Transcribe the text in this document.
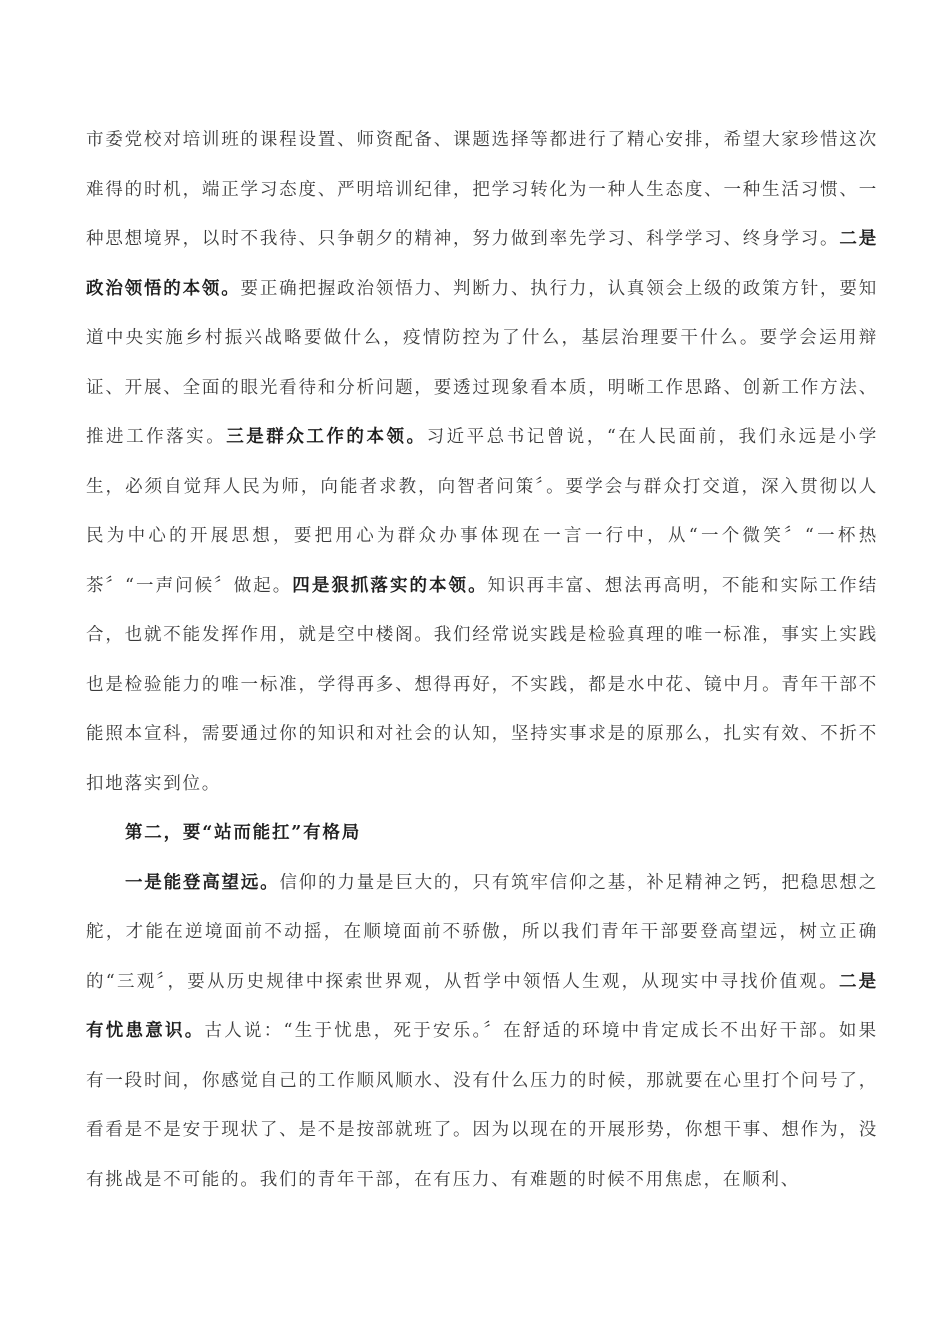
市委党校对培训班的课程设置、师资配备、课题选择等都进行了精心安排，希望大家珍惜这次难得的时机，端正学习态度、严明培训纪律，把学习转化为一种人生态度、一种生活习惯、一种思想境界，以时不我待、只争朝夕的精神，努力做到率先学习、科学学习、终身学习。二是政治领悟的本领。要正确把握政治领悟力、判断力、执行力，认真领会上级的政策方针，要知道中央实施乡村振兴战略要做什么，疫情防控为了什么，基层治理要干什么。要学会运用辩证、开展、全面的眼光看待和分析问题，要透过现象看本质，明晰工作思路、创新工作方法、推进工作落实。三是群众工作的本领。习近平总书记曾说，“在人民面前，我们永远是小学生，必须自觉拜人民为师，向能者求教，向智者问策〞。要学会与群众打交道，深入贯彻以人民为中心的开展思想，要把用心为群众办事体现在一言一行中，从“一个微笑〞“一杯热茶〞“一声问候〞做起。四是狠抓落实的本领。知识再丰富、想法再高明，不能和实际工作结合，也就不能发挥作用，就是空中楼阁。我们经常说实践是检验真理的唯一标准，事实上实践也是检验能力的唯一标准，学得再多、想得再好，不实践，都是水中花、镜中月。青年干部不能照本宣科，需要通过你的知识和对社会的认知，坚持实事求是的原那么，扎实有效、不折不扣地落实到位。

第二，要“站而能扛”有格局

一是能登高望远。信仰的力量是巨大的，只有筑牢信仰之基，补足精神之钙，把稳思想之舵，才能在逆境面前不动摇，在顺境面前不骄傲，所以我们青年干部要登高望远，树立正确的“三观〞，要从历史规律中探索世界观，从哲学中领悟人生观，从现实中寻找价值观。二是有忧患意识。古人说：“生于忧患，死于安乐。〞在舒适的环境中肯定成长不出好干部。如果有一段时间，你感觉自己的工作顺风顺水、没有什么压力的时候，那就要在心里打个问号了，看看是不是安于现状了、是不是按部就班了。因为以现在的开展形势，你想干事、想作为，没有挑战是不可能的。我们的青年干部，在有压力、有难题的时候不用焦虑，在顺利、
